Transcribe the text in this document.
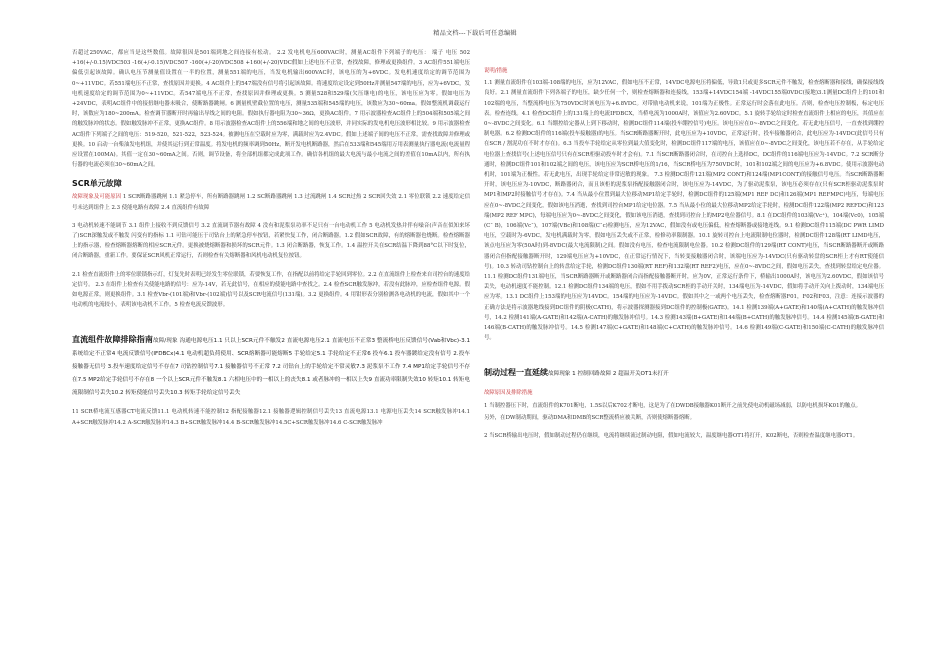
精品文档---下载后可任意编辑

否超过250VAC，都应当是这些数值。故障很因是501端到地之间连接有松动。 2.2 发电机电压600VAC时，测量AC组件下列端子的电压： 端子 电压 502 +16(+/-0.15)VDC503 -16(+/-0.15)VDC507 -160(+/-20)VDC508 +160(+/-20)VDC假如上述电压不正常，查找故障，修理或更换组件。3 AC组件551端电压偏低引起该故障。确认电压节测量值设置在一半的位置，测量551端的电压，当发电机输出600VAC时，该电压的为+6VDC。发电机速度给定的调节范围为0~+11VDC。若551端电压不正常，查找原因并更换。4 AC组件上的547端没有信号将引起该故障。将速度给定设定到50Hz并测量547端的电压，应为+6VDC，发电机速度给定的调节范围为0~+11VDC。若547端电压不正常，查找原因并修理或更换。5 测量528和529端(欠压继电)的电压，该电压应为零。假如电压为+24VDC，表明AC组件中的接扭继电器未吸合，使断路器跳闸。6 测量机壁截位置的电压，测量535端和545端的电压，该数应为30~60ma。假如整流机调载运行时，该数应为180~200mA。检查调节器断开时再输出导线之间的电阻。假如执行器电阻为30~36Ω，更换AC组件。7 用示波器检查AC组件上的504端和505端之间的触发脉冲的状态。假如触发脉冲不正常，更换AC组件。8 用示波器检查AC组件上的556端和地之间的电压波形，并同实际的发电机电压波形相比较。9 用示波器检查AC组件下列端子之间的电压：519-520，521-522，523-524。被测电压在空载时应为零，满载时应为2.4VDC。假如上述端子间的电压不正常，需查找故障并修理或更换。10 启动一台柴油发电机组，并使其运行到正常温度。将发电机的频率调到50Hz，断开发电机断路器，然后在533端和545端用万用表测量执行器电流(电流量程应设置在100MA)。其值一定在30~60mA之间。否则，调节设备，将全部机组都完成此项工作。确信各机组的最大电流与最小电流之间的差值在10mA以内，所有执行器的电流必须在30~60mA之间。

SCR单元故障

故障现象及可能原因 1 SCR断路器跳闸 1.1 紧急停车，所有断路器跳闸 1.2 SC断路器跳闸 1.3 过流跳闸 1.4 SCR过热 2 SCR回失效 2.1 零位联锁 2.2 速度给定信号未达到组件上 2.3 使能电路有故障 2.4 直流组件有故障

3 电动机转速不能调节 3.1 组件上接收不到反馈信号 3.2 直流调节器有故障 4 没有和泥浆泵功率不足只有一台电动机工作 5 电动机发热并伴有噪音(声音在似知来坏了)SCR深触发或不触发 闪变有的指标 1.1 可钻可能压于司钻台上的紧急停车按钮，若紧快复工作，闭合断路器。1.2 假如SCR故障，有的熔断器也烧断。检查熔断器上的指示器，检查熔断器熔断的相应SCR元件。更换被烧熔断器和损坏的SCR元件。1.3 闭合断路器，恢复工作。1.4 温控开关在SCR结温下降到88°C以下时复位，闭合断路器，重新工作。要保证SCR风机正常运行，否则检查有关熔断器和风机电动机复位按钮。

2.1 检查直流组件上的零位联锁指示灯，灯复先时表明已经发生零位联锁，若要恢复工作，在指配以前将给定手轮回到零位。2.2 在直流组件上检查来自司控台的速度给定信号。 2.3 在组件上检查有关使能电路的信号：应为-14V，若无此信号，在相应的使能电路中查找之。2.4 检查SCR触发脉冲，若没有此脉冲，应检查组件电源。假如电源正常，则更换组件。3.1 检查Vbr-(101端)和Vbr-(102端)信号以及SCR电流信号(131端)。3.2 更换组件。4 用钳形表分别检测各电动机的电流，假如其中一个电动机的电流较小，表明该电动机不工作。5 检查电流反馈波形。

直流组件故障排除指南故障/现象 沟通电源电压1.1 只以上SCR元件不触发2 直流电源电压2.1 直流电压不正常3 整流桥电压反馈信号(Vab和Vbc)-3.1 系统给定不正常4 电流反馈信号(IFDBCx)4.1 电动机超负荷使用、SCR熔断器可能熔断5 手轮给定5.1 手轮给定不正常6 投车6.1 投车器鍍给定没有信号 2.投车接触器无信号 3.投车速度给定信号不存在7 司钻控制信号7.1 接触器信号不正常 7.2 司钻台上的手轮给定不常灵敏7.3 泥浆泵不工作 7.4 MP1给定手轮信号不存在7.5 MP2给定手轮信号不存在8 一个以上SCR元件不触发8.1 六相电压中的一相以上的丧失8.1 或者脉冲的一相以上失9 直流功率限制失效10 转矩10.1 转矩电流限制信号丢失10.2 转矩使能信号丢失10.3 转矩手轮给定信号丢失

11 SCR桥电流互感器CT电流反馈11.1 电动机转速不能控制12 指配接触器12.1 接触器逻辑控制信号丢失13 直流电源13.1 电源电压丢失14 SCR触发脉冲14.1 A+SCR触发脉冲14.2 A-SCR触发脉冲14.3 B+SCR触发脉冲14.4 B-SCR触发脉冲14.5C+SCR触发脉冲14.6 C-SCR触发脉冲

说明/措施

1.1 测量直流组件在103端-108端的电压，应为12VAC，假如电压不正常，14VDC电源电压将偏低，导致1只或更多SCR元件不触发，检查熔断器和接线，确保接线线良好。2.1 测量直流组件下列各端子的电压，缺少任何一个，则检查熔断器和连接线，153端+14VDC154端 -14VDC155端0VDC(接地)3.1测量DC组件上的101和102端的电压，当整流桥电压为750VDC时该电压为+6.8VDC。对带励电动机来说，101端为正极性。正常运行时会落在此电压。否则，检查电压控制板，标定电压表。检查连线。4.1 检查DC组件上的131端上的电流IFDBCX，当桥电流为1000A时，该值应为2.60VDC。5.1 旋转手轮给定时检查直流组件上相应的电压，其值应在0~-8VDC之间变化。6.1 当绷控给定器从上到下移动时，检测DC组件114端(投车绷控信号)电压。该电压应在0~-8VDC之间变化。若无此电压信号，一直查找到绷控制电器。6.2 检测DC组件的116端(投车接触器)的电压。当SCR断路器断开时，此电压应为+10VDC，正常运行时，投车接触器闭合，此电压应为-14VDC(此信号只有在SCR / 割泥功在不时才存在)。6.3 当投车手轮给定从零位到最大值变化时，检测DC组件117端的电压，该值应在0~-8VDC之间变化，该电压若不存在，从手轮给定电位器上查找信号(上述电压信号只有在SCR柜驱动投车时才会有)。7.1 当SCR断路器闭合时，在司控台上选择DC，DC组件的116端电压应为-14VDC。7.2 SCR断分通时，检测DC组件101和102端之间的电压，该电压应为SCR桥电压的1/16，当SCR桥电压为750VDC时，101和102端之间的电压应为+6.8VDC。使用示波器电动机时，101端为正极性。若无此电压，出现手轮给定非常迟敏的现象。 7.3 检测DC组件121端(MP2 CONT)和124端(MP1CONT)的接触信号电压。当SCR断路器断开时，该电压应为-10VDC，断路器闭合，而且该柜的泥浆泵指配接触器闭合时，该电压应为-14VDC，为了驱动泥浆泵，该电压必须存在(只有SCR柜驱动泥浆泵时MP1和MP2时接触信号才存在)。7.4 当从最小位置到最大位移动MP1给定手轮时，检测DC组件的125端(MP1 REF DC)和126端(MP1 REFMPC)电压，每端电压应在0~-8VDC之间变化，假如该电压消逝，查找到司控台MP1给定电位器。7.5 当从最小位的最大位移动MP2给定手轮时，检测DC组件122端(MP2 REFDC)和123端(MP2 REF MPC)，每端电压应为0~-8VDC之间变化，假如该电压消逝，查找到司控台上的MP2电位器信号。8.1 在DC组件的103端(Vc⁺)，104端(Vc0)，105端(Cˉ B)，106端(Vcˉ)，107端(VBc)和108端(Cˉc)检测电压，应为12VAC，假如没有或电压偏低，检查熔断器或接地连线。9.1 检测DC组件115端(DC PWR LIMD电压，空载时为-6VDC，发电机满载时为零，假如电压丢失或不正常，检修功率限制器。10.1 旋转司控台上电流限制电位器时，检测DC组件128端(RT LIMD电压，该点电压应为零(50A时)到-8VDC(最大电流限制)之间。假如没有电压，检查电流限制电位器。10.2 检测DC组件的129端(RT CONT)电压，当SCR断路器断开或断路器闭合但指配接触器断开时，129端电压应为+10VDC，在正常运行情况下，当转变接触器闭合时，该端电压应为-14VDC(只有驱动转盘的SCR柜上才有RT使能信号)。10.3 转动司钻控制台上的转盘给定手轮，检测DC组件130端(RT REF)和132端(RT REF2)电压，应在0~-8VDC之间，假如电压丢失，查找到转盘给定电位器。11.1 检测DC组件131端电压，当SCR断路器断开或断路器闭合而指配接触器断开时，应为0V，正常运行条件下，桥输出1000A时，该电压为2.60VDC，假如该信号丢失，电动机速度不能控制。12.1 检测DC组件134端的电压，假如不用手拨动SCR柜的手动开关时，134端电压为-14VDC，假如将手动开关向上拨动时，134端电压应为零。13.1 DC组件上153端的电压应为14VDC。154端的电压应为-14VDC。假如其中之一或两个电压丢失，检查熔断器F01，F02和F03，注意：连接示波器的正确方法是将示波器地线接到DC组件的阴极(CATH)，将示波器探测器接到DC组件的控制极(GATE)。14.1 检测139端(A+GATE)和140端(A+CATH)的触发脉冲信号，14.2 检测141端(A-GATE)和142端(A-CATH)的触发脉冲信号。14.3 检测143端(B+GATE)和144端(B+CATH)的触发脉冲信号。14.4 检测145端(B-GATE)和146端(B-CATH)的触发脉冲信号。14.5 检测147端(C+GATE)和148端(C+CATH)的触发脉冲信号。14.6 检测149端(C-GATE)和150端(C-CATH)的触发脉冲信号。

制动过程一直延续故障现象 1 控制回路故障 2 超温开关OT1未打开

故障原因及排除措施

1 当制控器压下时，直流组件的K701断电，1.5S以后K702才断电，这是为了在DWDB接触器K01断开之前先使电动机磁场减弱，以防电机损坏K01的触点。

另外，在DW制动期间，驱动DMA和DMB的SCR整流桥应被关断，否则使熔断器熔断。

2 当SCR桥输出电压时，假如制动过程仍在继续，电流将继续流过制动电阻，假如电流较大，温度继电器OT1将打开，K02断电，否则检查温度继电器OT1。
